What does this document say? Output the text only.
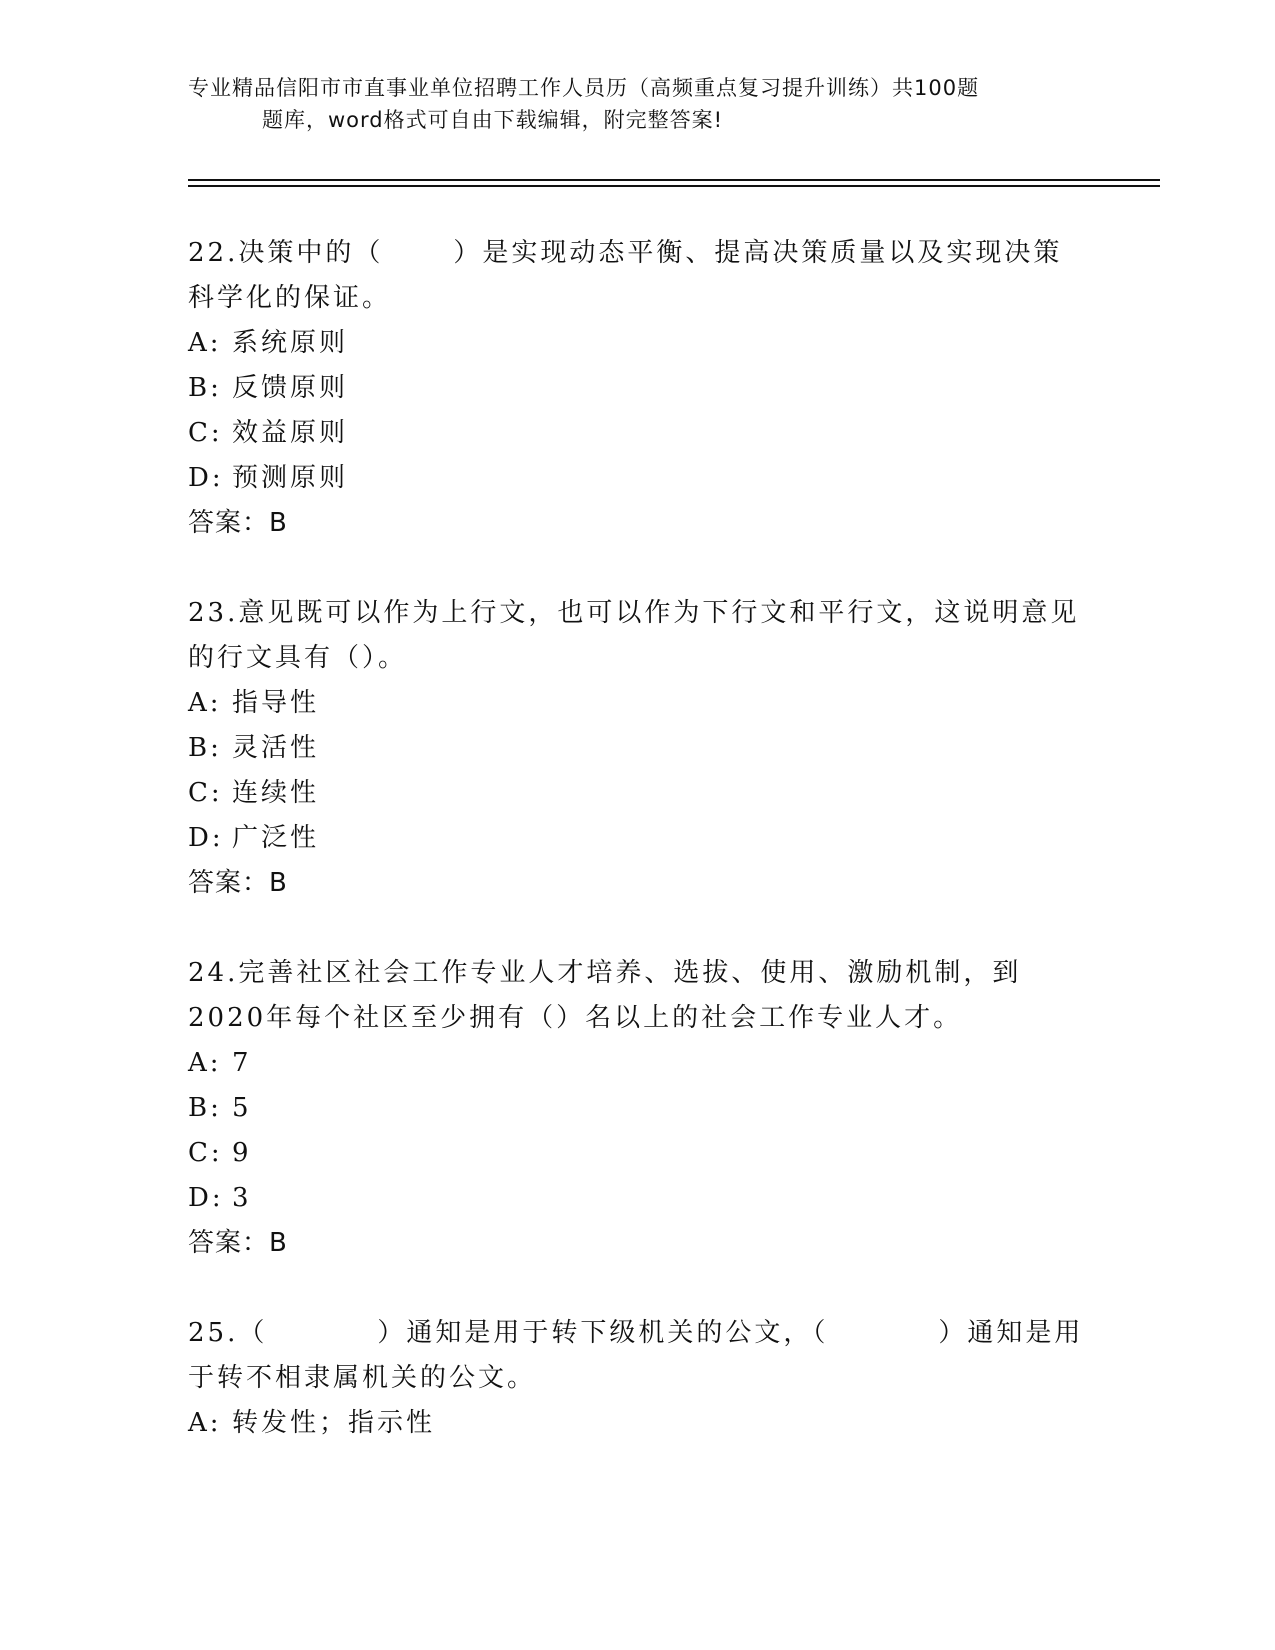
专业精品信阳市市直事业单位招聘工作人员历（高频重点复习提升训练）共100题
题库，word格式可自由下载编辑，附完整答案!

22.决策中的（	）是实现动态平衡、提高决策质量以及实现决策科学化的保证。

A: 系统原则

B: 反馈原则

C: 效益原则

D: 预测原则

答案：B

23.意见既可以作为上行文，也可以作为下行文和平行文，这说明意见的行文具有（）。

A: 指导性

B: 灵活性

C: 连续性

D: 广泛性

答案：B

24.完善社区社会工作专业人才培养、选拔、使用、激励机制，到2020年每个社区至少拥有（）名以上的社会工作专业人才。

A: 7

B: 5

C: 9

D: 3

答案：B

25.（	）通知是用于转下级机关的公文，（	）通知是用于转不相隶属机关的公文。

A: 转发性；指示性
